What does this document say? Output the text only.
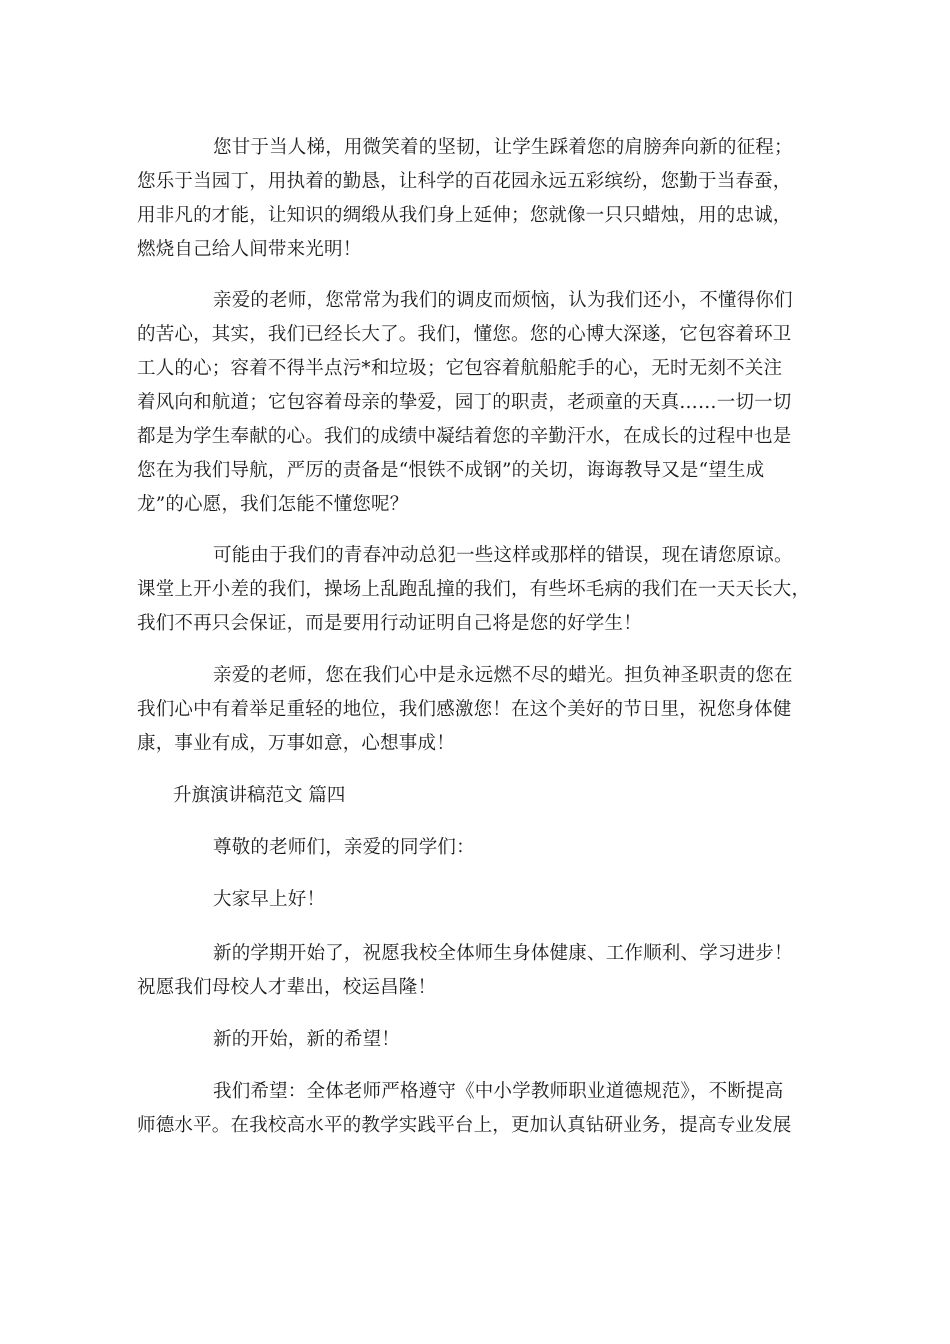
您甘于当人梯，用微笑着的坚韧，让学生踩着您的肩膀奔向新的征程；
您乐于当园丁，用执着的勤恳，让科学的百花园永远五彩缤纷，您勤于当春蚕，
用非凡的才能，让知识的绸缎从我们身上延伸；您就像一只只蜡烛，用的忠诚，
燃烧自己给人间带来光明！

亲爱的老师，您常常为我们的调皮而烦恼，认为我们还小，不懂得你们
的苦心，其实，我们已经长大了。我们，懂您。您的心博大深遂，它包容着环卫
工人的心；容着不得半点污*和垃圾；它包容着航船舵手的心，无时无刻不关注
着风向和航道；它包容着母亲的挚爱，园丁的职责，老顽童的天真……一切一切
都是为学生奉献的心。我们的成绩中凝结着您的辛勤汗水，在成长的过程中也是
您在为我们导航，严厉的责备是“恨铁不成钢”的关切，诲诲教导又是“望生成
龙”的心愿，我们怎能不懂您呢？

可能由于我们的青春冲动总犯一些这样或那样的错误，现在请您原谅。
课堂上开小差的我们，操场上乱跑乱撞的我们，有些坏毛病的我们在一天天长大，
我们不再只会保证，而是要用行动证明自己将是您的好学生！

亲爱的老师，您在我们心中是永远燃不尽的蜡光。担负神圣职责的您在
我们心中有着举足重轻的地位，我们感激您！在这个美好的节日里，祝您身体健
康，事业有成，万事如意，心想事成！

升旗演讲稿范文 篇四

尊敬的老师们，亲爱的同学们：

大家早上好！

新的学期开始了，祝愿我校全体师生身体健康、工作顺利、学习进步！
祝愿我们母校人才辈出，校运昌隆！

新的开始，新的希望！

我们希望：全体老师严格遵守《中小学教师职业道德规范》，不断提高
师德水平。在我校高水平的教学实践平台上，更加认真钻研业务，提高专业发展
